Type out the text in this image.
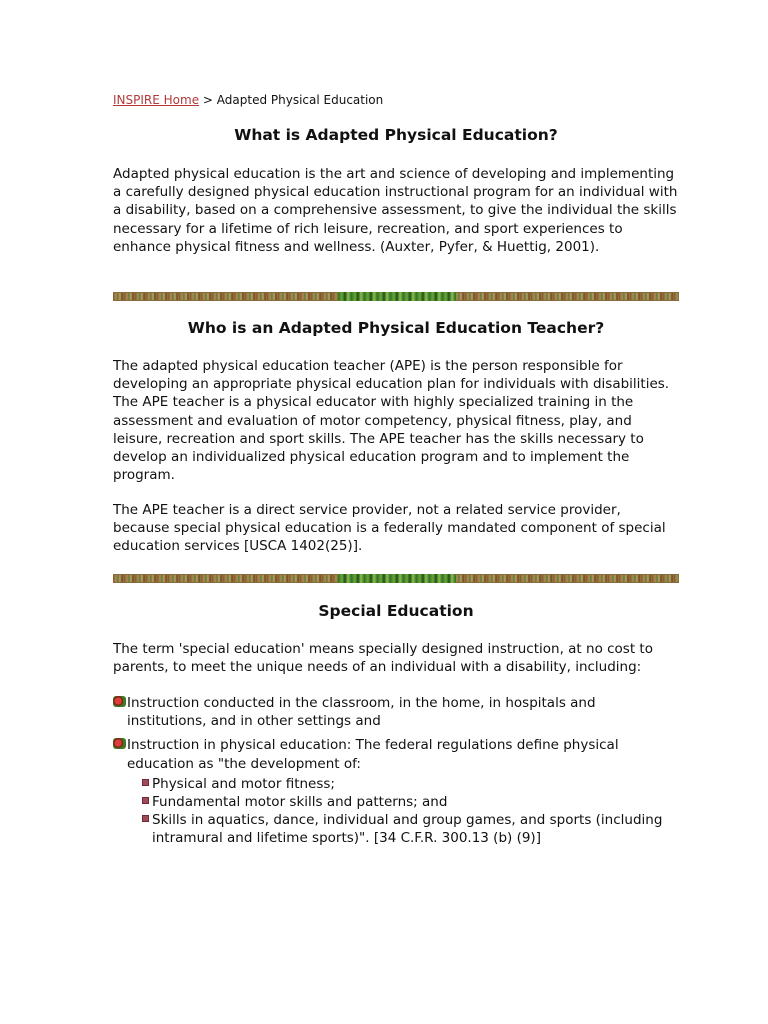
INSPIRE Home > Adapted Physical Education
What is Adapted Physical Education?

Adapted physical education is the art and science of developing and implementing a carefully designed physical education instructional program for an individual with a disability, based on a comprehensive assessment, to give the individual the skills necessary for a lifetime of rich leisure, recreation, and sport experiences to enhance physical fitness and wellness. (Auxter, Pyfer, & Huettig, 2001).

Who is an Adapted Physical Education Teacher?

The adapted physical education teacher (APE) is the person responsible for developing an appropriate physical education plan for individuals with disabilities. The APE teacher is a physical educator with highly specialized training in the assessment and evaluation of motor competency, physical fitness, play, and leisure, recreation and sport skills. The APE teacher has the skills necessary to develop an individualized physical education program and to implement the program.

The APE teacher is a direct service provider, not a related service provider, because special physical education is a federally mandated component of special education services [USCA 1402(25)].

Special Education

The term 'special education' means specially designed instruction, at no cost to parents, to meet the unique needs of an individual with a disability, including:

Instruction conducted in the classroom, in the home, in hospitals and institutions, and in other settings and
Instruction in physical education: The federal regulations define physical education as "the development of:
Physical and motor fitness;
Fundamental motor skills and patterns; and
Skills in aquatics, dance, individual and group games, and sports (including intramural and lifetime sports)". [34 C.F.R. 300.13 (b) (9)]
